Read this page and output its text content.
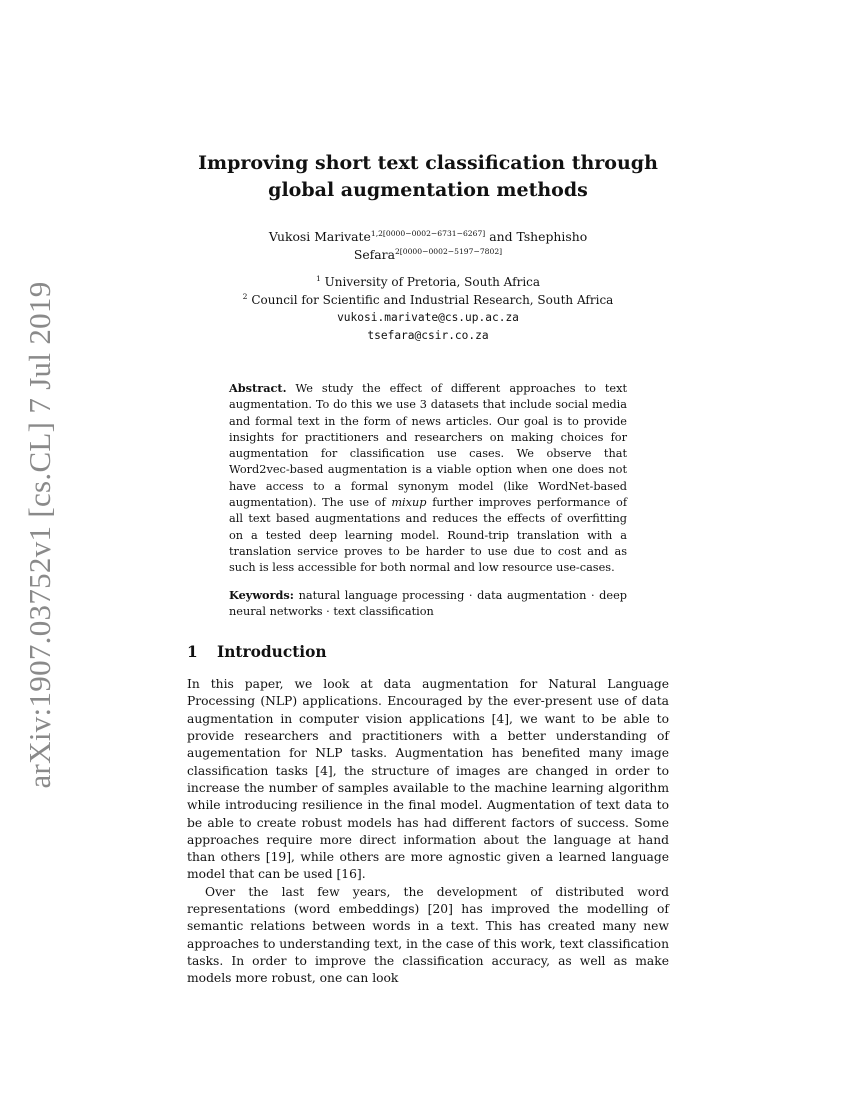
arXiv:1907.03752v1 [cs.CL] 7 Jul 2019
Improving short text classification through
global augmentation methods
Vukosi Marivate$^{1,2[0000-0002-6731-6267]}$ and Tshephisho
Sefara$^{2[0000-0002-5197-7802]}$
$^1$ University of Pretoria, South Africa
$^2$ Council for Scientific and Industrial Research, South Africa
vukosi.marivate@cs.up.ac.za
tsefara@csir.co.za
Abstract. We study the effect of different approaches to text augmentation. To do this we use 3 datasets that include social media and formal text in the form of news articles. Our goal is to provide insights for practitioners and researchers on making choices for augmentation for classification use cases. We observe that Word2vec-based augmentation is a viable option when one does not have access to a formal synonym model (like WordNet-based augmentation). The use of mixup further improves performance of all text based augmentations and reduces the effects of overfitting on a tested deep learning model. Round-trip translation with a translation service proves to be harder to use due to cost and as such is less accessible for both normal and low resource use-cases.
Keywords: natural language processing · data augmentation · deep neural networks · text classification
1 Introduction

In this paper, we look at data augmentation for Natural Language Processing (NLP) applications. Encouraged by the ever-present use of data augmentation in computer vision applications [4], we want to be able to provide researchers and practitioners with a better understanding of augementation for NLP tasks. Augmentation has benefited many image classification tasks [4], the structure of images are changed in order to increase the number of samples available to the machine learning algorithm while introducing resilience in the final model. Augmentation of text data to be able to create robust models has had different factors of success. Some approaches require more direct information about the language at hand than others [19], while others are more agnostic given a learned language model that can be used [16].

Over the last few years, the development of distributed word representations (word embeddings) [20] has improved the modelling of semantic relations between words in a text. This has created many new approaches to understanding text, in the case of this work, text classification tasks. In order to improve the classification accuracy, as well as make models more robust, one can look
